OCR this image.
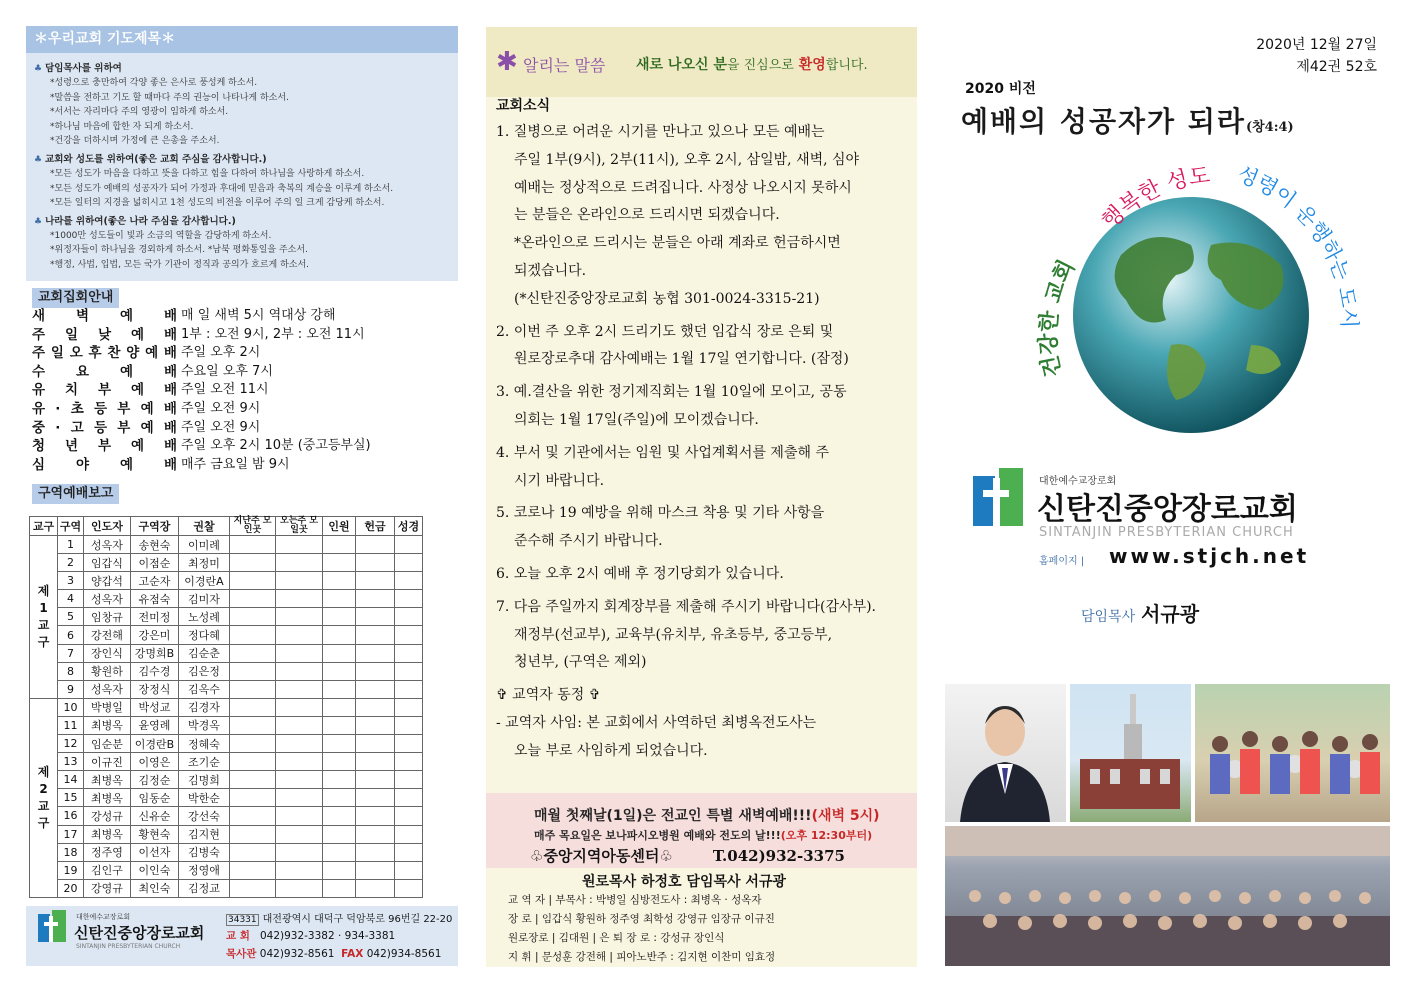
＊우리교회 기도제목＊
♣ 담임목사를 위하여
*성령으로 충만하여 각양 좋은 은사로 풍성케 하소서.
*말씀을 전하고 기도 할 때마다 주의 권능이 나타나게 하소서.
*서서는 자리마다 주의 영광이 임하게 하소서.
*하나님 마음에 합한 자 되게 하소서.
*건강을 더하시며 가정에 큰 은총을 주소서.
♣ 교회와 성도를 위하여(좋은 교회 주심을 감사합니다.)
*모든 성도가 마음을 다하고 뜻을 다하고 힘을 다하여 하나님을 사랑하게 하소서.
*모든 성도가 예배의 성공자가 되어 가정과 후대에 믿음과 축복의 계승을 이루게 하소서.
*모든 일터의 지경을 넓히시고 1천 성도의 비전을 이루어 주의 일 크게 감당케 하소서.
♣ 나라를 위하여(좋은 나라 주심을 감사합니다.)
*1000만 성도들이 빛과 소금의 역할을 감당하게 하소서.
*위정자들이 하나님을 경외하게 하소서. *남북 평화통일을 주소서.
*행정, 사법, 입법, 모든 국가 기관이 정직과 공의가 흐르게 하소서.
교회집회안내
새 벽 예 배 매 일 새벽 5시 역대상 강해
주 일 낮 예 배 1부 : 오전 9시, 2부 : 오전 11시
주 일 오 후 찬 양 예 배 주일 오후 2시
수 요 예 배 수요일 오후 7시
유 치 부 예 배 주일 오전 11시
유 · 초 등 부 예 배 주일 오전 9시
중 · 고 등 부 예 배 주일 오전 9시
청 년 부 예 배 주일 오후 2시 10분 (중고등부실)
심 야 예 배 매주 금요일 밤 9시
구역예배보고
교구	구역	인도자	구역장	권찰	지난주 모인곳	오는주 모일곳	인원	헌금	성경
제
1
교
구	1	성옥자	송현숙	이미례					
	2	임갑식	이점순	최정미					
	3	양갑석	고순자	이경란A					
	4	성옥자	유점숙	김미자					
	5	임창규	전미정	노성례					
	6	강전해	강은미	정다혜					
	7	장인식	강명희B	김순춘					
	8	황원하	김수경	김은정					
	9	성옥자	장정식	김옥수					
제
2
교
구	10	박병일	박성교	김경자					
	11	최병옥	윤영례	박경옥					
	12	임순분	이경란B	정혜숙					
	13	이규진	이영은	조기순					
	14	최병옥	김정순	김명희					
	15	최병옥	임동순	박한순					
	16	강성규	신유순	강선숙					
	17	최병옥	황현숙	김지현					
	18	정주영	이선자	김병숙					
	19	김인구	이인숙	정영애					
	20	강영규	최인숙	김정교					
대한예수교장로회
신탄진중앙장로교회
SINTANJIN PRESBYTERIAN CHURCH
34331 대전광역시 대덕구 덕암북로 96번길 22-20
교 회 042)932-3382 · 934-3381
목사관 042)932-8561 FAX 042)934-8561
✱ 알리는 말씀 새로 나오신 분을 진심으로 환영합니다.
교회소식
1. 질병으로 어려운 시기를 만나고 있으나 모든 예배는
주일 1부(9시), 2부(11시), 오후 2시, 삼일밤, 새벽, 심야
예배는 정상적으로 드려집니다. 사정상 나오시지 못하시
는 분들은 온라인으로 드리시면 되겠습니다.
*온라인으로 드리시는 분들은 아래 계좌로 헌금하시면
되겠습니다.
(*신탄진중앙장로교회 농협 301-0024-3315-21)
2. 이번 주 오후 2시 드리기도 했던 임갑식 장로 은퇴 및
원로장로추대 감사예배는 1월 17일 연기합니다. (잠정)
3. 예.결산을 위한 정기제직회는 1월 10일에 모이고, 공동
의회는 1월 17일(주일)에 모이겠습니다.
4. 부서 및 기관에서는 임원 및 사업계획서를 제출해 주
시기 바랍니다.
5. 코로나 19 예방을 위해 마스크 착용 및 기타 사항을
준수해 주시기 바랍니다.
6. 오늘 오후 2시 예배 후 정기당회가 있습니다.
7. 다음 주일까지 회계장부를 제출해 주시기 바랍니다(감사부).
재정부(선교부), 교육부(유치부, 유초등부, 중고등부,
청년부, (구역은 제외)
✞ 교역자 동정 ✞
- 교역자 사임: 본 교회에서 사역하던 최병옥전도사는
오늘 부로 사임하게 되었습니다.
매월 첫째날(1일)은 전교인 특별 새벽예배!!!(새벽 5시)
매주 목요일은 보나파시오병원 예배와 전도의 날!!!(오후 12:30부터)
♧중앙지역아동센터♧	T.042)932-3375
원로목사 하정호 담임목사 서규광
교 역 자 | 부목사 : 박병일 심방전도사 : 최병옥 · 성옥자
장 로 | 임갑식 황원하 정주영 최학성 강영규 임장규 이규진
원로장로 | 김대원 | 은 퇴 장 로 : 강성규 장인식
지 휘 | 문성훈 강전해 | 피아노반주 : 김지현 이찬미 임효정
2020년 12월 27일
제42권 52호
2020 비전
예배의 성공자가 되라(창4:4)
건강한 교회
행복한 성도 성령이 운행하는 도시
대한예수교장로회
신탄진중앙장로교회
SINTANJIN PRESBYTERIAN CHURCH
홈페이지 | www.stjch.net
담임목사 서규광
